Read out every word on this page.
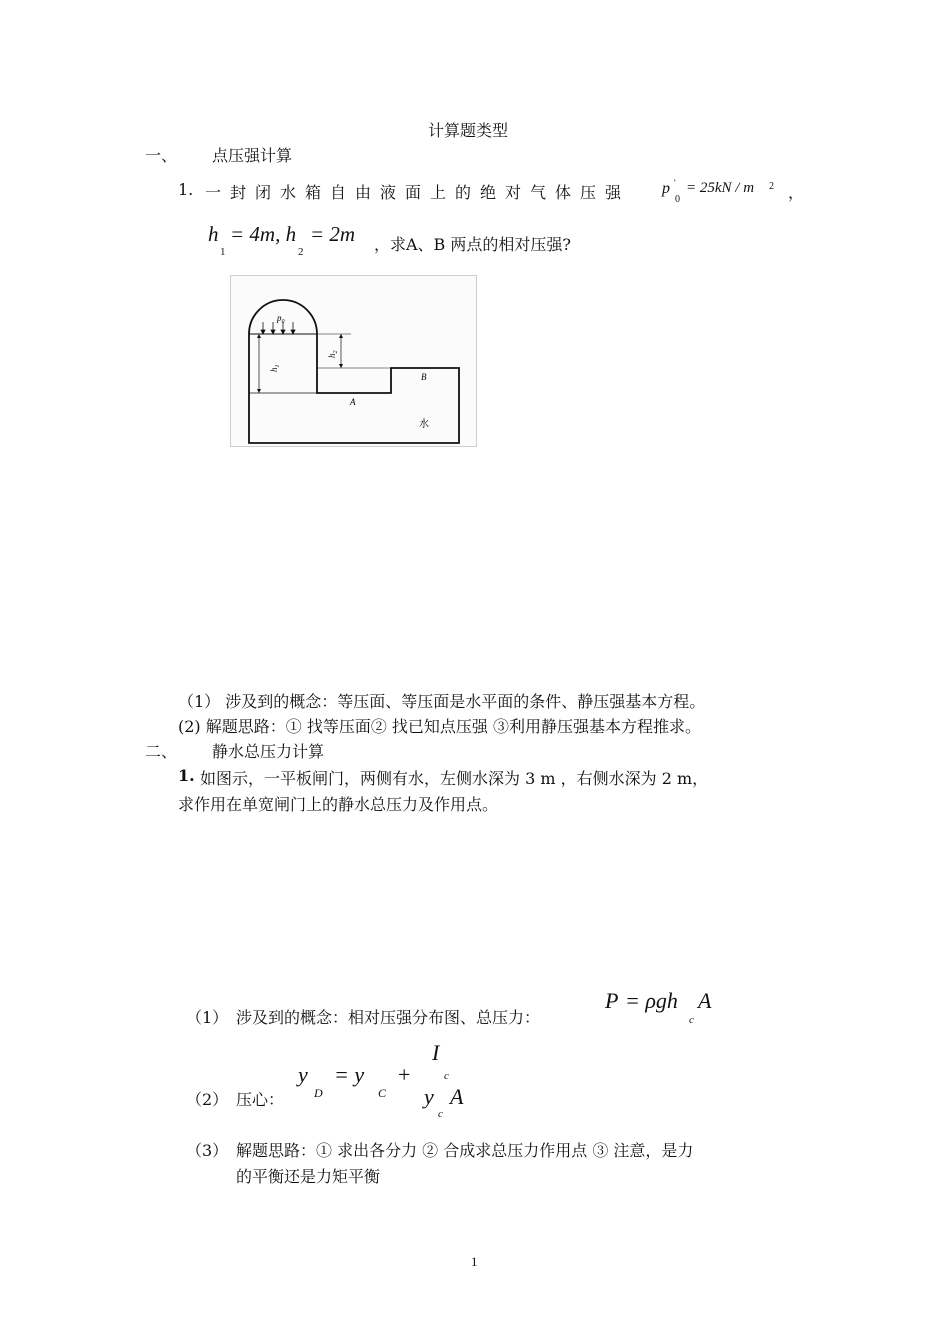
计算题类型
一、 点压强计算
1. 一封闭水箱自由液面上的绝对气体压强 p '
0
= 25kN / m 2 ，
h
1
= 4m, h
2
= 2m ，求A、B 两点的相对压强?
$p_0$
$h_1$
$h_2$
A
B
水
（1） 涉及到的概念：等压面、等压面是水平面的条件、静压强基本方程。
(2) 解题思路：① 找等压面② 找已知点压强 ③利用静压强基本方程推求。
二、 静水总压力计算
1. 如图示，一平板闸门，两侧有水，左侧水深为 3 m ，右侧水深为 2 m，
求作用在单宽闸门上的静水总压力及作用点。
（1） 涉及到的概念：相对压强分布图、总压力：
P = ρgh
c
A
（2） 压心：
y
D
= y
C
+
I
c
y
c
A
（3） 解题思路：① 求出各分力 ② 合成求总压力作用点 ③ 注意，是力
的平衡还是力矩平衡
1
